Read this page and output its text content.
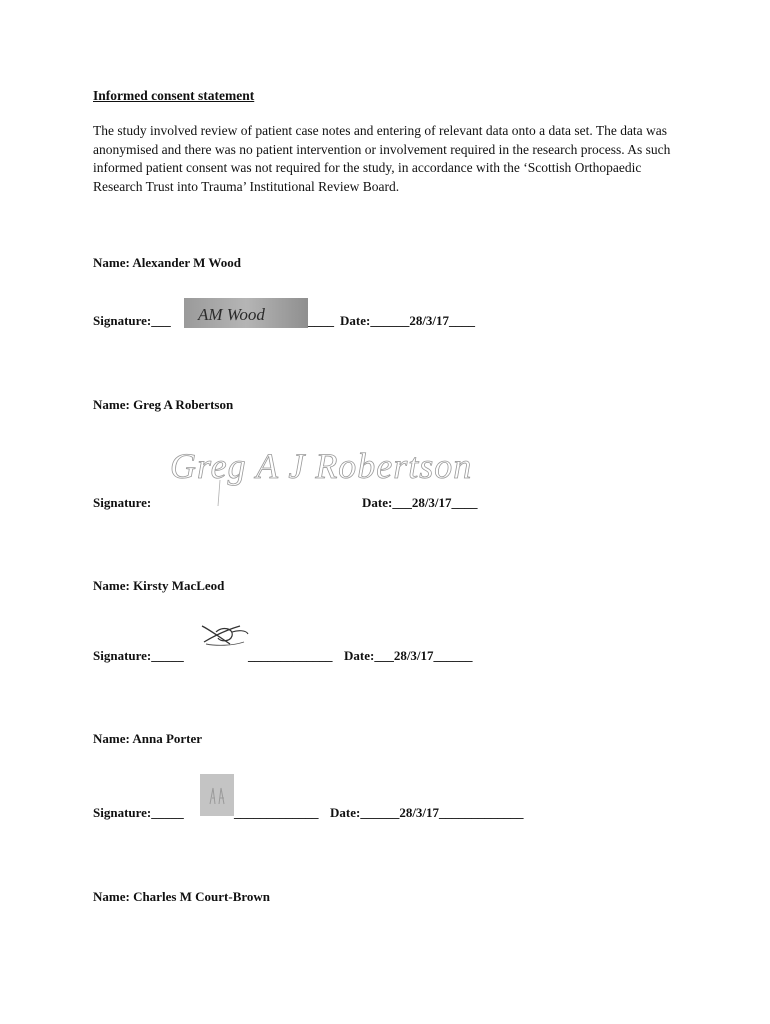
Informed consent statement
The study involved review of patient case notes and entering of relevant data onto a data set. The data was anonymised and there was no patient intervention or involvement required in the research process. As such informed patient consent was not required for the study, in accordance with the ‘Scottish Orthopaedic Research Trust into Trauma’ Institutional Review Board.
Name: Alexander M Wood
Signature:___ AM Wood	____ Date:______28/3/17____
Name: Greg A Robertson
Greg A J Robertson
Signature:	Date:___28/3/17____
Name: Kirsty MacLeod
Signature:_____	_____________ Date:___28/3/17______
Name: Anna Porter
Signature:_____	_____________ Date:______28/3/17_____________
Name: Charles M Court-Brown
